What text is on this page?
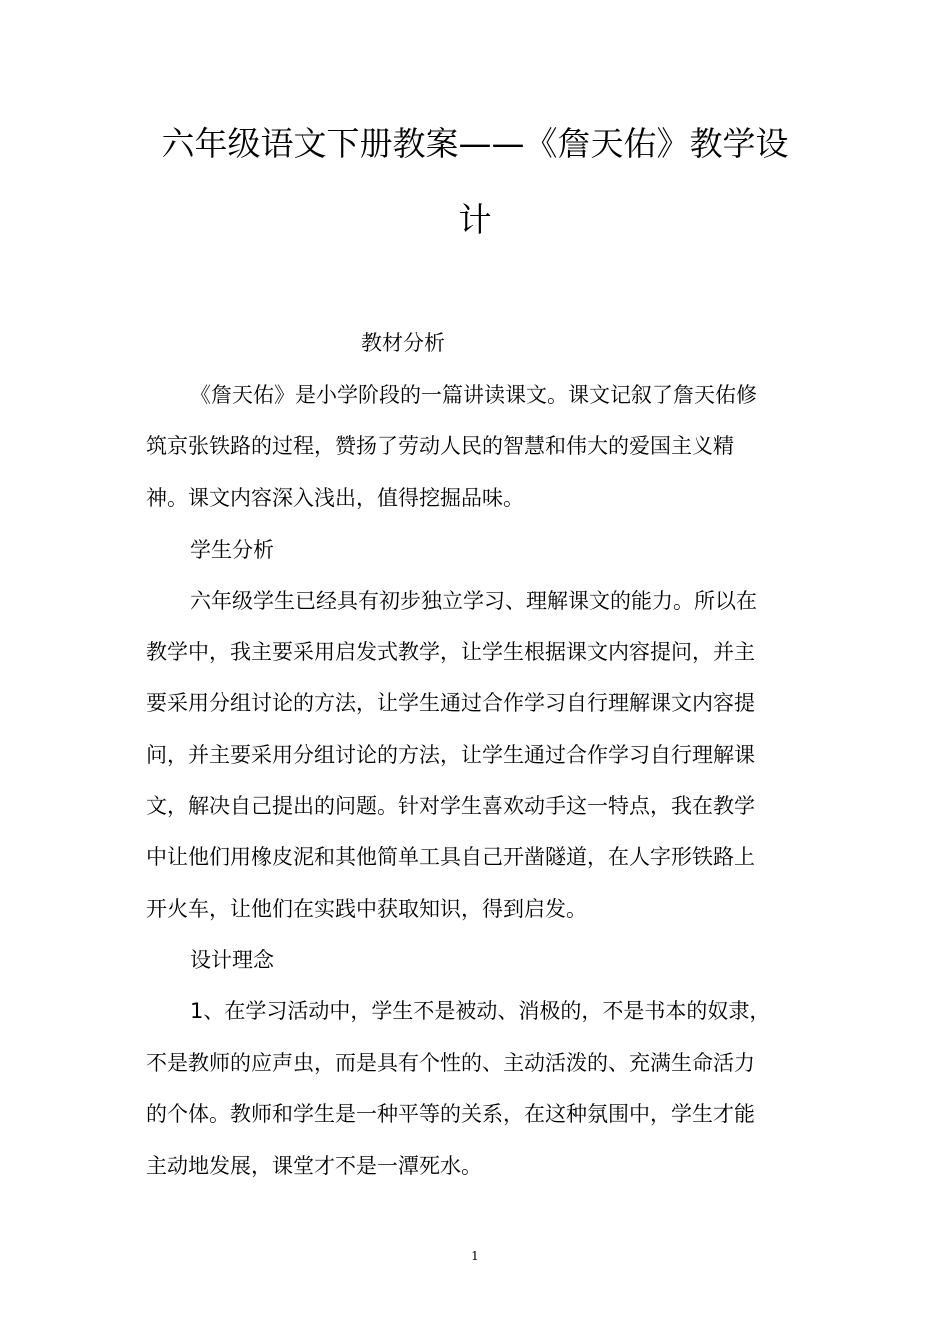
六年级语文下册教案——《詹天佑》教学设
计
教材分析
《詹天佑》是小学阶段的一篇讲读课文。课文记叙了詹天佑修
筑京张铁路的过程，赞扬了劳动人民的智慧和伟大的爱国主义精
神。课文内容深入浅出，值得挖掘品味。
学生分析
六年级学生已经具有初步独立学习、理解课文的能力。所以在
教学中，我主要采用启发式教学，让学生根据课文内容提问，并主
要采用分组讨论的方法，让学生通过合作学习自行理解课文内容提
问，并主要采用分组讨论的方法，让学生通过合作学习自行理解课
文，解决自己提出的问题。针对学生喜欢动手这一特点，我在教学
中让他们用橡皮泥和其他简单工具自己开凿隧道，在人字形铁路上
开火车，让他们在实践中获取知识，得到启发。
设计理念
1、在学习活动中，学生不是被动、消极的，不是书本的奴隶，
不是教师的应声虫，而是具有个性的、主动活泼的、充满生命活力
的个体。教师和学生是一种平等的关系，在这种氛围中，学生才能
主动地发展，课堂才不是一潭死水。
1
